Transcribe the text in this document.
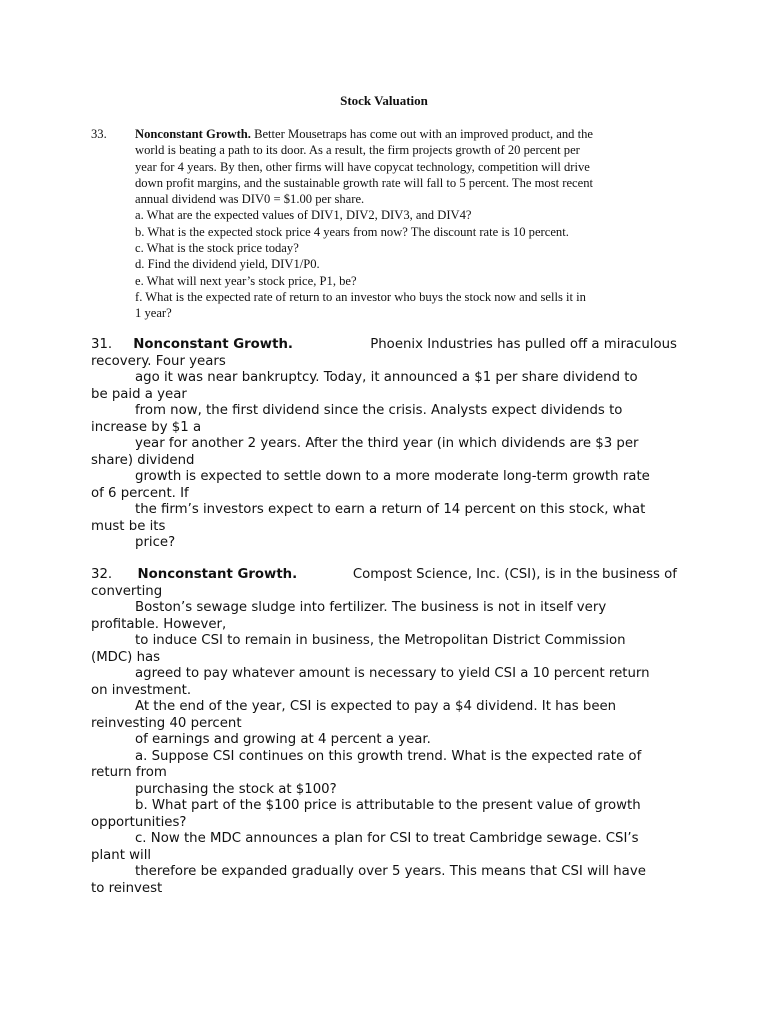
Stock Valuation
33.	Nonconstant Growth. Better Mousetraps has come out with an improved product, and the
world is beating a path to its door. As a result, the firm projects growth of 20 percent per
year for 4 years. By then, other firms will have copycat technology, competition will drive
down profit margins, and the sustainable growth rate will fall to 5 percent. The most recent
annual dividend was DIV0 = $1.00 per share.
a. What are the expected values of DIV1, DIV2, DIV3, and DIV4?
b. What is the expected stock price 4 years from now? The discount rate is 10 percent.
c. What is the stock price today?
d. Find the dividend yield, DIV1/P0.
e. What will next year’s stock price, P1, be?
f. What is the expected rate of return to an investor who buys the stock now and sells it in
1 year?
31. Nonconstant Growth.	Phoenix Industries has pulled off a miraculous
recovery. Four years
ago it was near bankruptcy. Today, it announced a $1 per share dividend to
be paid a year
from now, the first dividend since the crisis. Analysts expect dividends to
increase by $1 a
year for another 2 years. After the third year (in which dividends are $3 per
share) dividend
growth is expected to settle down to a more moderate long-term growth rate
of 6 percent. If
the firm’s investors expect to earn a return of 14 percent on this stock, what
must be its
price?
32. Nonconstant Growth.	Compost Science, Inc. (CSI), is in the business of
converting
Boston’s sewage sludge into fertilizer. The business is not in itself very
profitable. However,
to induce CSI to remain in business, the Metropolitan District Commission
(MDC) has
agreed to pay whatever amount is necessary to yield CSI a 10 percent return
on investment.
At the end of the year, CSI is expected to pay a $4 dividend. It has been
reinvesting 40 percent
of earnings and growing at 4 percent a year.
a. Suppose CSI continues on this growth trend. What is the expected rate of
return from
purchasing the stock at $100?
b. What part of the $100 price is attributable to the present value of growth
opportunities?
c. Now the MDC announces a plan for CSI to treat Cambridge sewage. CSI’s
plant will
therefore be expanded gradually over 5 years. This means that CSI will have
to reinvest
